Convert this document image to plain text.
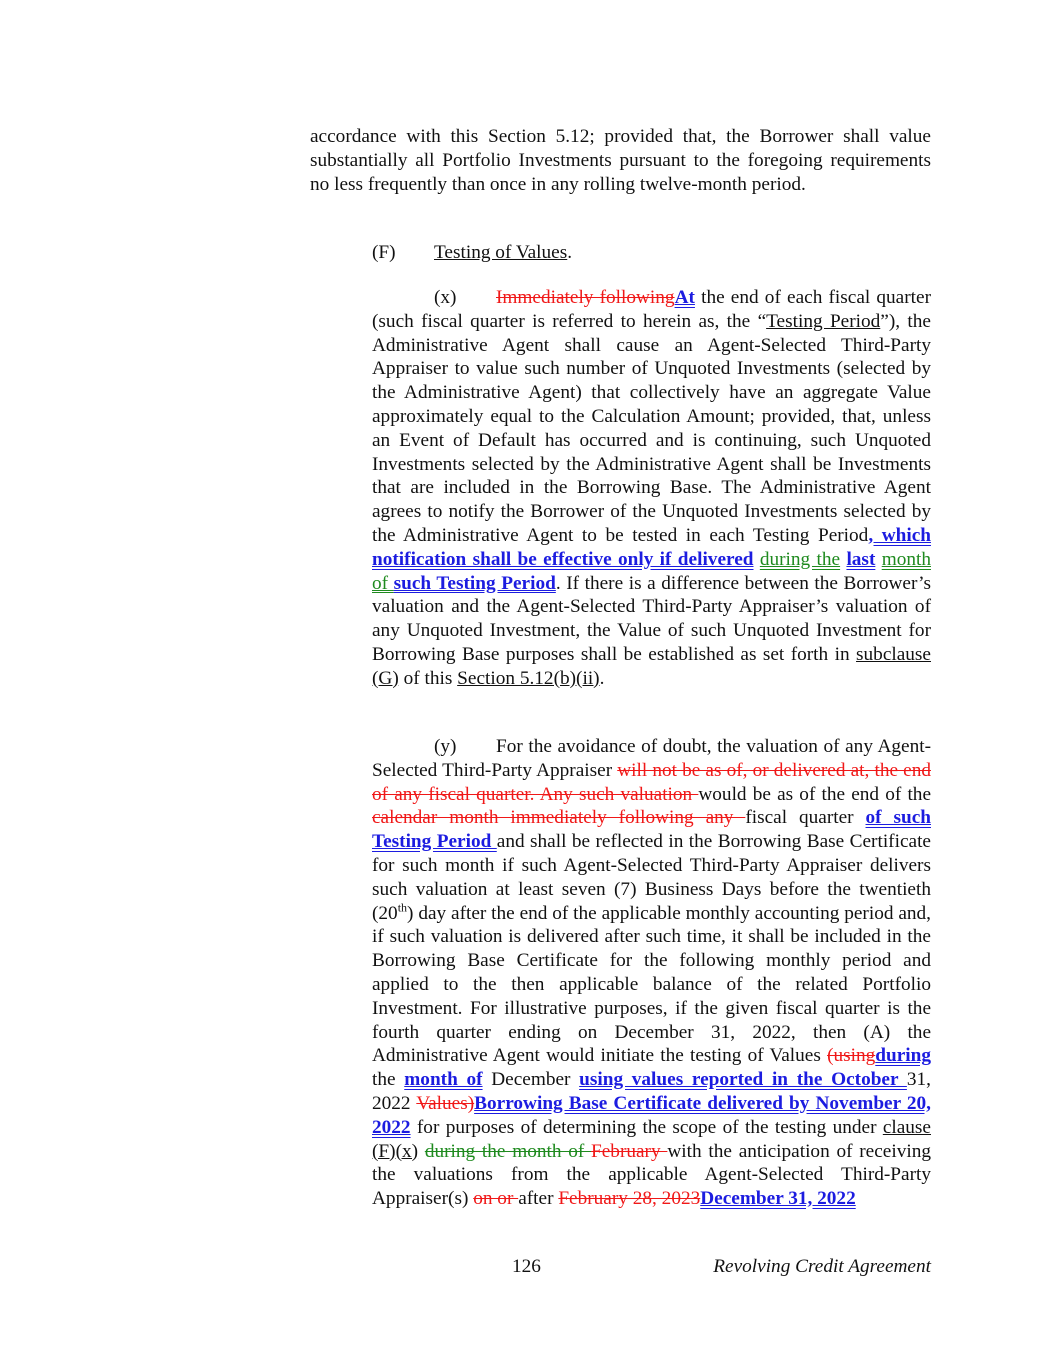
accordance with this Section 5.12; provided that, the Borrower shall value substantially all Portfolio Investments pursuant to the foregoing requirements no less frequently than once in any rolling twelve-month period.
(F) Testing of Values.
(x) Immediately followingAt the end of each fiscal quarter (such fiscal quarter is referred to herein as, the “Testing Period”), the Administrative Agent shall cause an Agent-Selected Third-Party Appraiser to value such number of Unquoted Investments (selected by the Administrative Agent) that collectively have an aggregate Value approximately equal to the Calculation Amount; provided, that, unless an Event of Default has occurred and is continuing, such Unquoted Investments selected by the Administrative Agent shall be Investments that are included in the Borrowing Base. The Administrative Agent agrees to notify the Borrower of the Unquoted Investments selected by the Administrative Agent to be tested in each Testing Period, which notification shall be effective only if delivered during the last month of such Testing Period. If there is a difference between the Borrower’s valuation and the Agent-Selected Third-Party Appraiser’s valuation of any Unquoted Investment, the Value of such Unquoted Investment for Borrowing Base purposes shall be established as set forth in subclause (G) of this Section 5.12(b)(ii).
(y) For the avoidance of doubt, the valuation of any Agent-Selected Third-Party Appraiser will not be as of, or delivered at, the end of any fiscal quarter. Any such valuation would be as of the end of the calendar month immediately following any fiscal quarter of such Testing Period and shall be reflected in the Borrowing Base Certificate for such month if such Agent-Selected Third-Party Appraiser delivers such valuation at least seven (7) Business Days before the twentieth (20th) day after the end of the applicable monthly accounting period and, if such valuation is delivered after such time, it shall be included in the Borrowing Base Certificate for the following monthly period and applied to the then applicable balance of the related Portfolio Investment. For illustrative purposes, if the given fiscal quarter is the fourth quarter ending on December 31, 2022, then (A) the Administrative Agent would initiate the testing of Values (usingduring the month of December using values reported in the October 31, 2022 Values)Borrowing Base Certificate delivered by November 20, 2022 for purposes of determining the scope of the testing under clause (F)(x) during the month of February with the anticipation of receiving the valuations from the applicable Agent-Selected Third-Party Appraiser(s) on or after February 28, 2023December 31, 2022
126	Revolving Credit Agreement
